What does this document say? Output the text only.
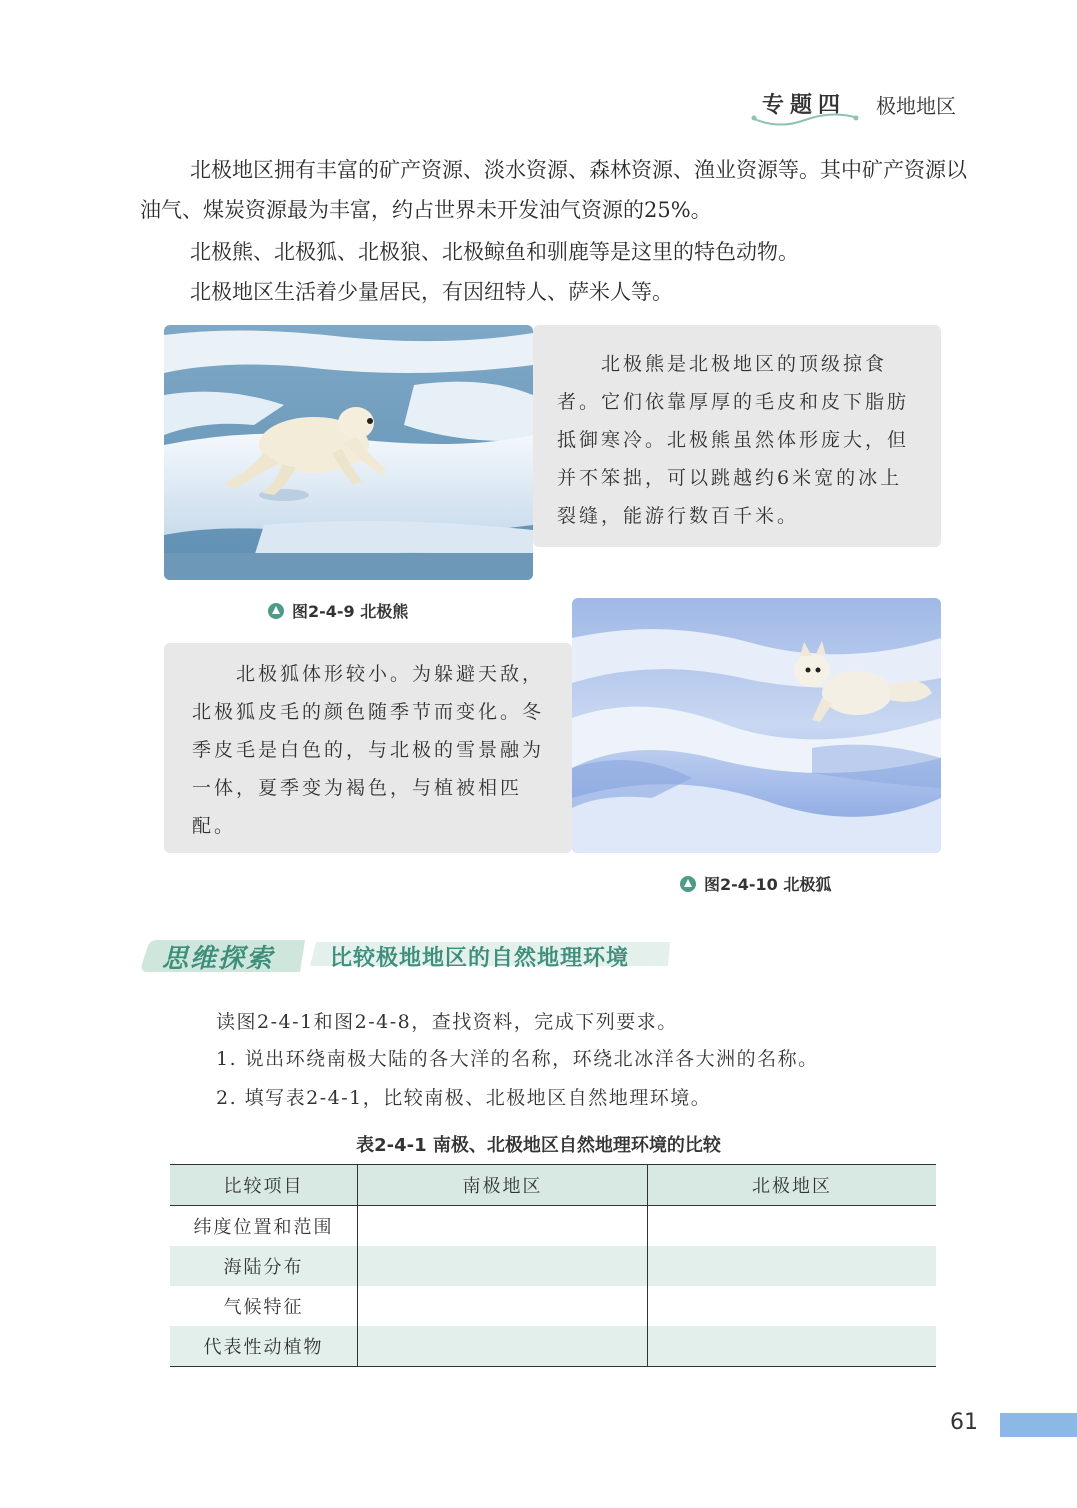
专题四 极地地区
北极地区拥有丰富的矿产资源、淡水资源、森林资源、渔业资源等。其中矿产资源以油气、煤炭资源最为丰富，约占世界未开发油气资源的25%。
北极熊、北极狐、北极狼、北极鲸鱼和驯鹿等是这里的特色动物。
北极地区生活着少量居民，有因纽特人、萨米人等。
　　北极熊是北极地区的顶级掠食者。它们依靠厚厚的毛皮和皮下脂肪抵御寒冷。北极熊虽然体形庞大，但并不笨拙，可以跳越约6米宽的冰上裂缝，能游行数百千米。
图2-4-9 北极熊
　　北极狐体形较小。为躲避天敌，北极狐皮毛的颜色随季节而变化。冬季皮毛是白色的，与北极的雪景融为一体，夏季变为褐色，与植被相匹配。
图2-4-10 北极狐
思维探索	比较极地地区的自然地理环境
读图2-4-1和图2-4-8，查找资料，完成下列要求。
1. 说出环绕南极大陆的各大洋的名称，环绕北冰洋各大洲的名称。
2. 填写表2-4-1，比较南极、北极地区自然地理环境。
表2-4-1 南极、北极地区自然地理环境的比较
比较项目	南极地区	北极地区
纬度位置和范围		
海陆分布		
气候特征		
代表性动植物		
61
